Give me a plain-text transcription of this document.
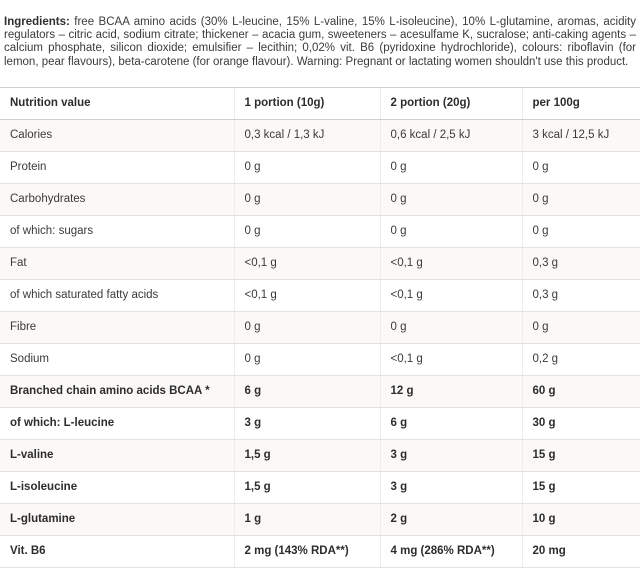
Ingredients: free BCAA amino acids (30% L-leucine, 15% L-valine, 15% L-isoleucine), 10% L-glutamine, aromas, acidity regulators – citric acid, sodium citrate; thickener – acacia gum, sweeteners – acesulfame K, sucralose; anti-caking agents – calcium phosphate, silicon dioxide; emulsifier – lecithin; 0,02% vit. B6 (pyridoxine hydrochloride), colours: riboflavin (for lemon, pear flavours), beta-carotene (for orange flavour). Warning: Pregnant or lactating women shouldn't use this product.

Nutrition value	1 portion (10g)	2 portion (20g)	per 100g
Calories	0,3 kcal / 1,3 kJ	0,6 kcal / 2,5 kJ	3 kcal / 12,5 kJ
Protein	0 g	0 g	0 g
Carbohydrates	0 g	0 g	0 g
of which: sugars	0 g	0 g	0 g
Fat	<0,1 g	<0,1 g	0,3 g
of which saturated fatty acids	<0,1 g	<0,1 g	0,3 g
Fibre	0 g	0 g	0 g
Sodium	0 g	<0,1 g	0,2 g
Branched chain amino acids BCAA *	6 g	12 g	60 g
of which: L-leucine	3 g	6 g	30 g
L-valine	1,5 g	3 g	15 g
L-isoleucine	1,5 g	3 g	15 g
L-glutamine	1 g	2 g	10 g
Vit. B6	2 mg (143% RDA**)	4 mg (286% RDA**)	20 mg
